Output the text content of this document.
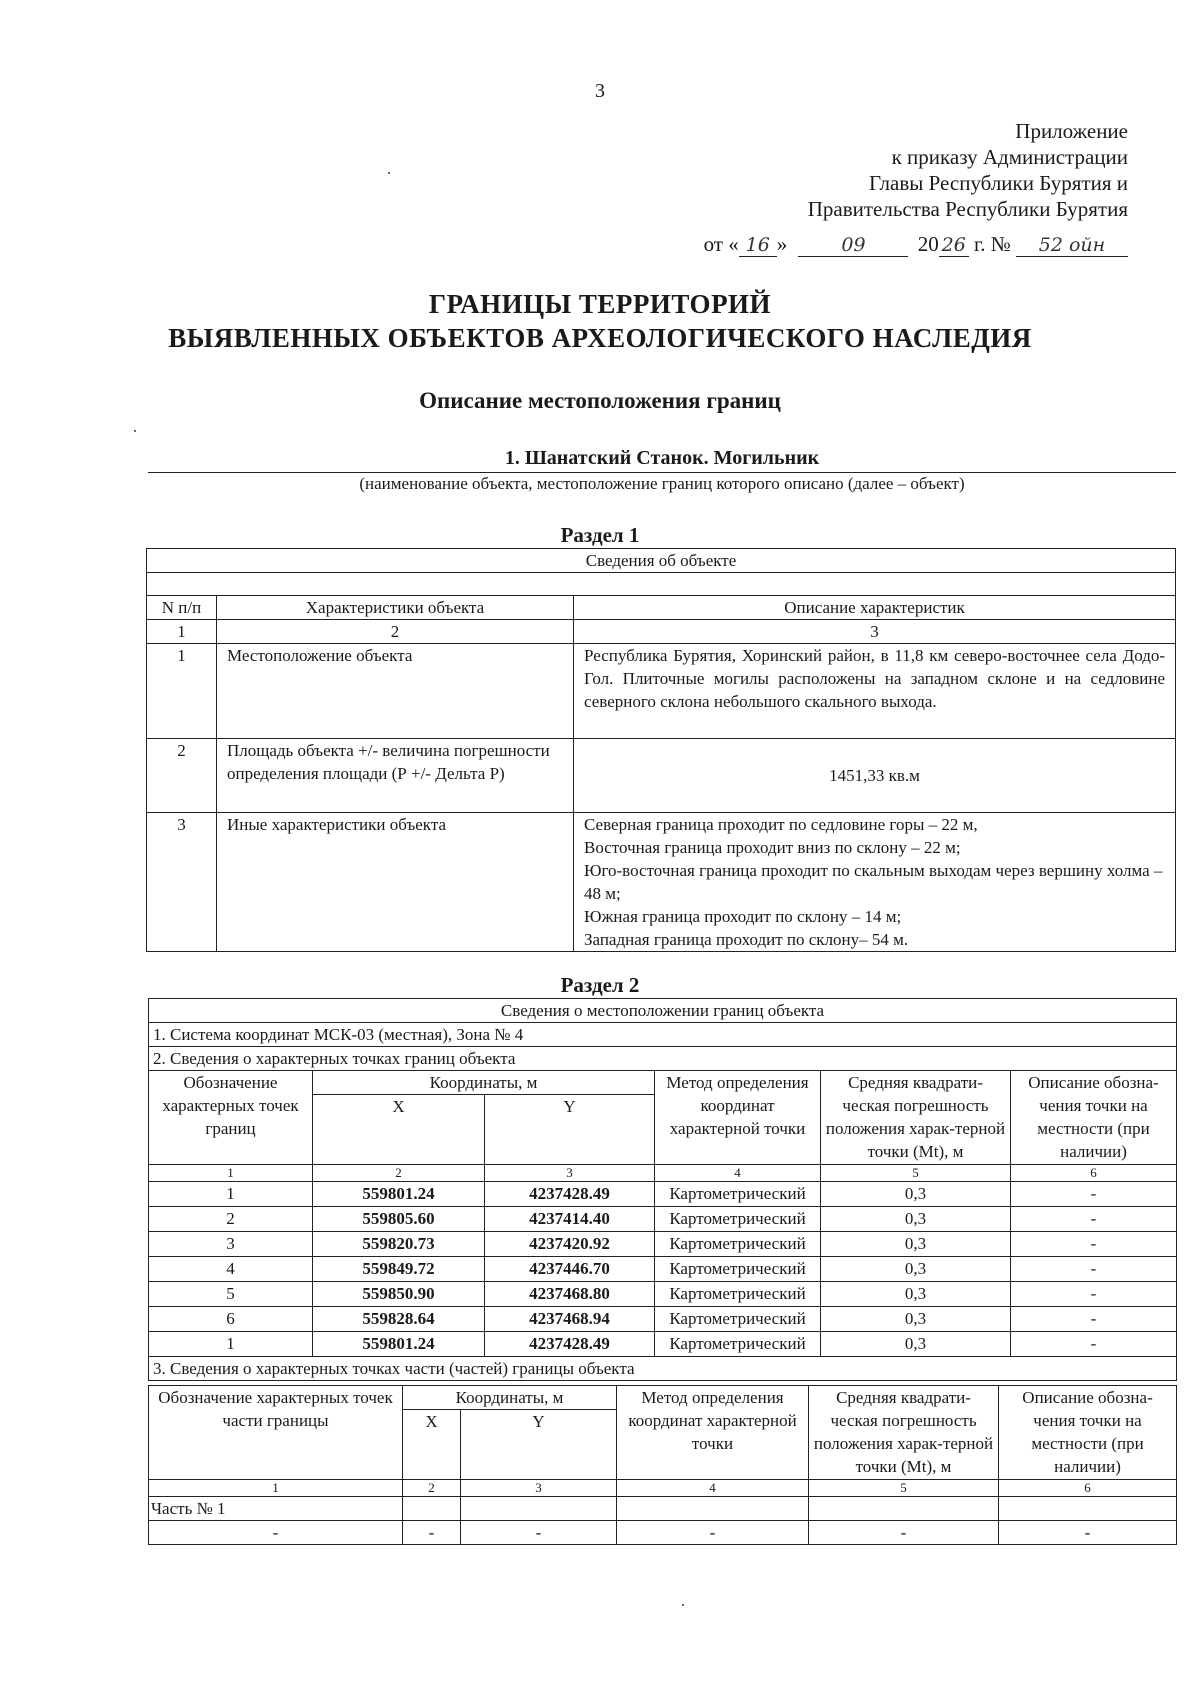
3
Приложение
к приказу Администрации
Главы Республики Бурятия и
Правительства Республики Бурятия
от « 16 »	09 20 26 г. № 52 ойн
ГРАНИЦЫ ТЕРРИТОРИЙ
ВЫЯВЛЕННЫХ ОБЪЕКТОВ АРХЕОЛОГИЧЕСКОГО НАСЛЕДИЯ
Описание местоположения границ
1. Шанатский Станок. Могильник
(наименование объекта, местоположение границ которого описано (далее – объект)
Раздел 1
Сведения об объекте		

N п/п	Характеристики объекта	Описание характеристик
1	2	3
1	Местоположение объекта	Республика Бурятия, Хоринский район, в 11,8 км северо-восточнее села Додо-Гол. Плиточные могилы расположены на западном склоне и на седловине северного склона небольшого скального выхода.
2	Площадь объекта +/- величина погрешности определения площади (Р +/- Дельта Р)	1451,33 кв.м
3	Иные характеристики объекта	Северная граница проходит по седловине горы – 22 м,
Восточная граница проходит вниз по склону – 22 м;
Юго-восточная граница проходит по скальным выходам через вершину холма – 48 м;
Южная граница проходит по склону – 14 м;
Западная граница проходит по склону– 54 м.
Раздел 2
Сведения о местоположении границ объекта					
1. Система координат МСК-03 (местная), Зона № 4					
2. Сведения о характерных точках границ объекта					
Обозначение характерных точек границ	Координаты, м		Метод определения координат характерной точки	Средняя квадрати-ческая погрешность положения харак-терной точки (Mt), м	Описание обозна-чения точки на местности (при наличии)
	X	Y			
1	2	3	4	5	6
1	559801.24	4237428.49	Картометрический	0,3	-
2	559805.60	4237414.40	Картометрический	0,3	-
3	559820.73	4237420.92	Картометрический	0,3	-
4	559849.72	4237446.70	Картометрический	0,3	-
5	559850.90	4237468.80	Картометрический	0,3	-
6	559828.64	4237468.94	Картометрический	0,3	-
1	559801.24	4237428.49	Картометрический	0,3	-
3. Сведения о характерных точках части (частей) границы объекта					
Обозначение характерных точек части границы	Координаты, м		Метод определения координат характерной точки	Средняя квадрати-ческая погрешность положения харак-терной точки (Mt), м	Описание обозна-чения точки на местности (при наличии)
	X	Y			
1	2	3	4	5	6
Часть № 1					
-	-	-	-	-	-
